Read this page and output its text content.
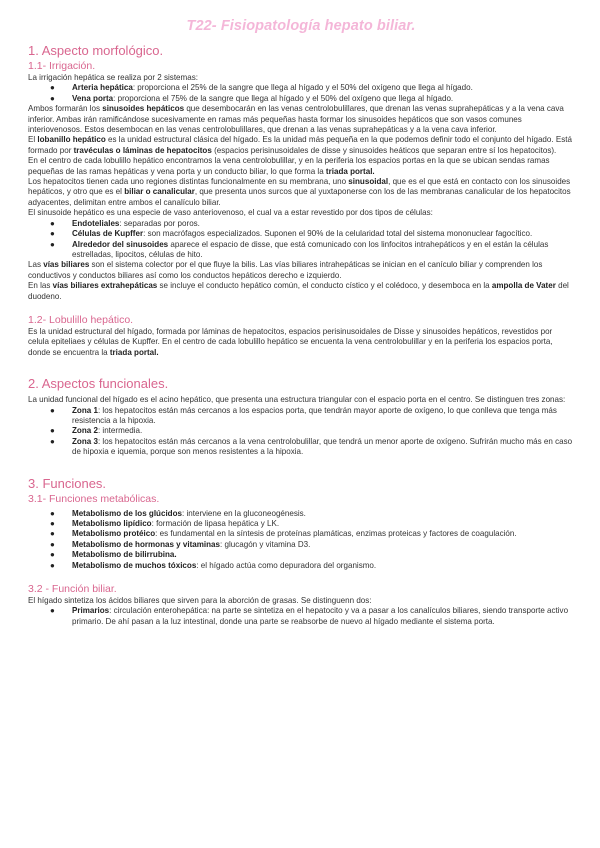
T22- Fisiopatología hepato biliar.
1. Aspecto morfológico.
1.1- Irrigación.

La irrigación hepática se realiza por 2 sistemas:

● Arteria hepática: proporciona el 25% de la sangre que llega al hígado y el 50% del oxígeno que llega al hígado.
● Vena porta: proporciona el 75% de la sangre que llega al hígado y el 50% del oxígeno que llega al hígado.

Ambos formarán los sinusoides hepáticos que desembocarán en las venas centrolobulillares, que drenan las venas suprahepáticas y a la vena cava inferior. Ambas irán ramificándose sucesivamente en ramas más pequeñas hasta formar los sinusoides hepáticos que son vasos comunes interiovenosos. Estos desembocan en las venas centrolobulillares, que drenan a las venas suprahepáticas y a la vena cava inferior.

El lobanillo hepático es la unidad estructural clásica del hígado. Es la unidad más pequeña en la que podemos definir todo el conjunto del hígado. Está formado por travéculas o láminas de hepatocitos (espacios perisinusoidales de disse y sinusoides heáticos que separan entre sí los hepatocitos).

En el centro de cada lobulillo hepático encontramos la vena centrolobulillar, y en la periferia los espacios portas en la que se ubican sendas ramas pequeñas de las ramas hepáticas y vena porta y un conducto biliar, lo que forma la triada portal.

Los hepatocitos tienen cada uno regiones distintas funcionalmente en su membrana, uno sinusoidal, que es el que está en contacto con los sinusoides hepáticos, y otro que es el biliar o canalicular, que presenta unos surcos que al yuxtaponerse con los de las membranas canalicular de los hepatocitos adyacentes, delimitan entre ambos el canalículo biliar.

El sinusoide hepático es una especie de vaso anteriovenoso, el cual va a estar revestido por dos tipos de células:

● Endoteliales: separadas por poros.
● Células de Kupffer: son macrófagos especializados. Suponen el 90% de la celularidad total del sistema mononuclear fagocítico.
● Alrededor del sinusoides aparece el espacio de disse, que está comunicado con los linfocitos intrahepáticos y en el están la células estrelladas, lipocitos, células de hito.

Las vías biliares son el sistema colector por el que fluye la bilis. Las vías biliares intrahepáticas se inician en el canículo biliar y comprenden los conductivos y conductos biliares así como los conductos hepáticos derecho e izquierdo.

En las vías biliares extrahepáticas se incluye el conducto hepático común, el conducto cístico y el colédoco, y desemboca en la ampolla de Vater del duodeno.

1.2- Lobulillo hepático.

Es la unidad estructural del hígado, formada por láminas de hepatocitos, espacios perisinusoidales de Disse y sinusoides hepáticos, revestidos por celula epiteliaes y células de Kupffer. En el centro de cada lobulillo hepático se encuenta la vena centrolobulillar y en la periferia los espacios porta, donde se encuentra la triada portal.

2. Aspectos funcionales.

La unidad funcional del hígado es el acino hepático, que presenta una estructura triangular con el espacio porta en el centro. Se distinguen tres zonas:

● Zona 1: los hepatocitos están más cercanos a los espacios porta, que tendrán mayor aporte de oxígeno, lo que conlleva que tenga más resistencia a la hipoxia.
● Zona 2: intermedia.
● Zona 3: los hepatocitos están más cercanos a la vena centrolobulillar, que tendrá un menor aporte de oxígeno. Sufrirán mucho más en caso de hipoxia e iquemia, porque son menos resistentes a la hipoxia.
3. Funciones.
3.1- Funciones metabólicas.
● Metabolismo de los glúcidos: interviene en la gluconeogénesis.
● Metabolismo lipídico: formación de lipasa hepática y LK.
● Metabolismo protéico: es fundamental en la síntesis de proteínas plamáticas, enzimas proteicas y factores de coagulación.
● Metabolismo de hormonas y vitaminas: glucagón y vitamina D3.
● Metabolismo de bilirrubina.
● Metabolismo de muchos tóxicos: el hígado actúa como depuradora del organismo.
3.2 - Función biliar.

El hígado sintetiza los ácidos biliares que sirven para la aborción de grasas. Se distinguenn dos:

● Primarios: circulación enterohepática: na parte se sintetiza en el hepatocito y va a pasar a los canalículos biliares, siendo transporte activo primario. De ahí pasan a la luz intestinal, donde una parte se reabsorbe de nuevo al hígado mediante el sistema porta.
